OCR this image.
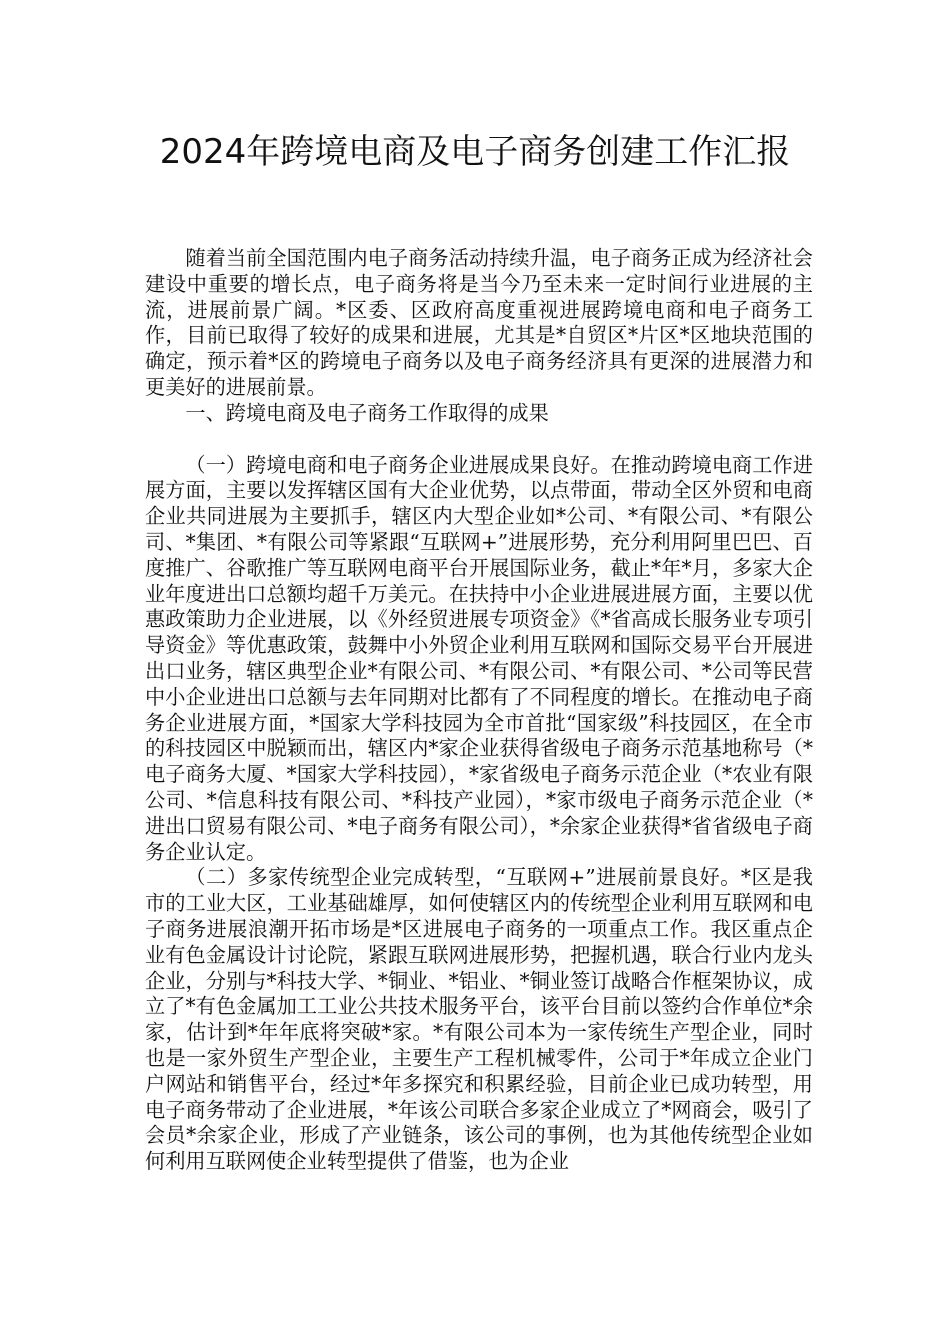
2024年跨境电商及电子商务创建工作汇报

随着当前全国范围内电子商务活动持续升温，电子商务正成为经济社会建设中重要的增长点，电子商务将是当今乃至未来一定时间行业进展的主流，进展前景广阔。*区委、区政府高度重视进展跨境电商和电子商务工作，目前已取得了较好的成果和进展，尤其是*自贸区*片区*区地块范围的确定，预示着*区的跨境电子商务以及电子商务经济具有更深的进展潜力和更美好的进展前景。

一、跨境电商及电子商务工作取得的成果

（一）跨境电商和电子商务企业进展成果良好。在推动跨境电商工作进展方面，主要以发挥辖区国有大企业优势，以点带面，带动全区外贸和电商企业共同进展为主要抓手，辖区内大型企业如*公司、*有限公司、*有限公司、*集团、*有限公司等紧跟“互联网+”进展形势，充分利用阿里巴巴、百度推广、谷歌推广等互联网电商平台开展国际业务，截止*年*月，多家大企业年度进出口总额均超千万美元。在扶持中小企业进展进展方面，主要以优惠政策助力企业进展，以《外经贸进展专项资金》《*省高成长服务业专项引导资金》等优惠政策，鼓舞中小外贸企业利用互联网和国际交易平台开展进出口业务，辖区典型企业*有限公司、*有限公司、*有限公司、*公司等民营中小企业进出口总额与去年同期对比都有了不同程度的增长。在推动电子商务企业进展方面，*国家大学科技园为全市首批“国家级”科技园区，在全市的科技园区中脱颖而出，辖区内*家企业获得省级电子商务示范基地称号（*电子商务大厦、*国家大学科技园），*家省级电子商务示范企业（*农业有限公司、*信息科技有限公司、*科技产业园），*家市级电子商务示范企业（*进出口贸易有限公司、*电子商务有限公司），*余家企业获得*省省级电子商务企业认定。

（二）多家传统型企业完成转型，“互联网+”进展前景良好。*区是我市的工业大区，工业基础雄厚，如何使辖区内的传统型企业利用互联网和电子商务进展浪潮开拓市场是*区进展电子商务的一项重点工作。我区重点企业有色金属设计讨论院，紧跟互联网进展形势，把握机遇，联合行业内龙头企业，分别与*科技大学、*铜业、*铝业、*铜业签订战略合作框架协议，成立了*有色金属加工工业公共技术服务平台，该平台目前以签约合作单位*余家，估计到*年年底将突破*家。*有限公司本为一家传统生产型企业，同时也是一家外贸生产型企业，主要生产工程机械零件，公司于*年成立企业门户网站和销售平台，经过*年多探究和积累经验，目前企业已成功转型，用电子商务带动了企业进展，*年该公司联合多家企业成立了*网商会，吸引了会员*余家企业，形成了产业链条，该公司的事例，也为其他传统型企业如何利用互联网使企业转型提供了借鉴，也为企业
